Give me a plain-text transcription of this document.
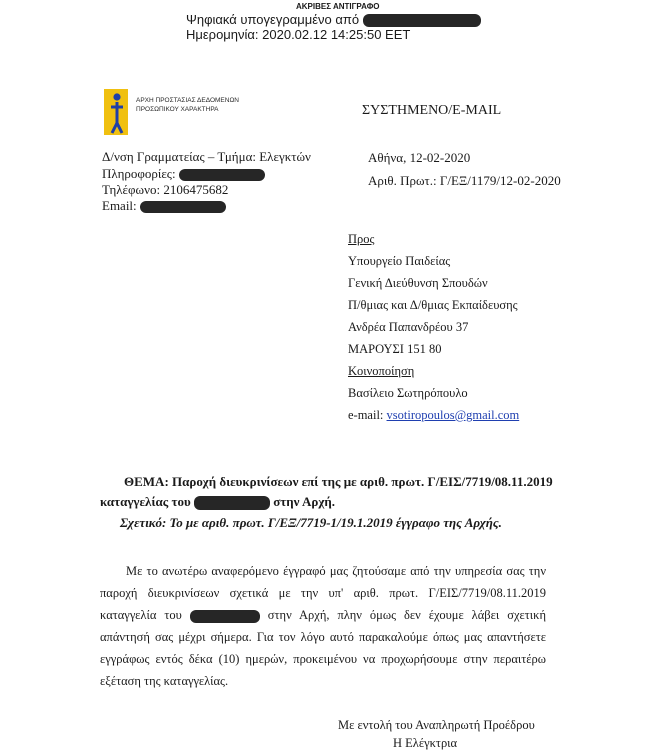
ΑΚΡΙΒΕΣ ΑΝΤΙΓΡΑΦΟ
Ψηφιακά υπογεγραμμένο από
Ημερομηνία: 2020.02.12 14:25:50 ΕΕΤ
ΑΡΧΗ ΠΡΟΣΤΑΣΙΑΣ ΔΕΔΟΜΕΝΩΝ
ΠΡΟΣΩΠΙΚΟΥ ΧΑΡΑΚΤΗΡΑ	ΣΥΣΤΗΜΕΝΟ/E-MAIL
Δ/νση Γραμματείας – Τμήμα: Ελεγκτών
Πληροφορίες:
Τηλέφωνο: 2106475682
Email:
Αθήνα, 12-02-2020
Αριθ. Πρωτ.: Γ/ΕΞ/1179/12-02-2020
Προς
Υπουργείο Παιδείας
Γενική Διεύθυνση Σπουδών
Π/θμιας και Δ/θμιας Εκπαίδευσης
Ανδρέα Παπανδρέου 37
ΜΑΡΟΥΣΙ 151 80
Κοινοποίηση
Βασίλειο Σωτηρόπουλο
e-mail: vsotiropoulos@gmail.com
ΘΕΜΑ: Παροχή διευκρινίσεων επί της με αριθ. πρωτ. Γ/ΕΙΣ/7719/08.11.2019
καταγγελίας του	στην Αρχή.
Σχετικό: Το με αριθ. πρωτ. Γ/ΕΞ/7719-1/19.1.2019 έγγραφο της Αρχής.

Με το ανωτέρω αναφερόμενο έγγραφό μας ζητούσαμε από την υπηρεσία σας την

παροχή διευκρινίσεων σχετικά με την υπ' αριθ. πρωτ. Γ/ΕΙΣ/7719/08.11.2019

καταγγελία του	στην Αρχή, πλην όμως δεν έχουμε λάβει σχετική

απάντησή σας μέχρι σήμερα. Για τον λόγο αυτό παρακαλούμε όπως μας απαντήσετε

εγγράφως εντός δέκα (10) ημερών, προκειμένου να προχωρήσουμε στην περαιτέρω

εξέταση της καταγγελίας.

Με εντολή του Αναπληρωτή Προέδρου
Η Ελέγκτρια
